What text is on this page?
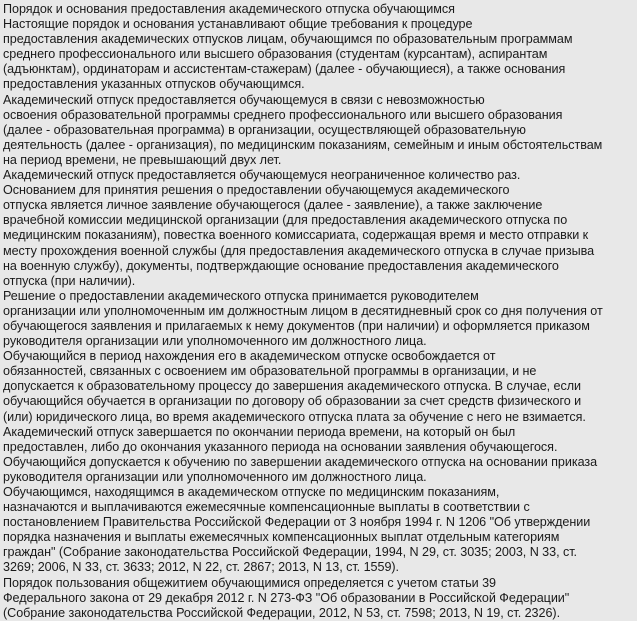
Порядок и основания предоставления академического отпуска обучающимся
Настоящие порядок и основания устанавливают общие требования к процедуре
предоставления академических отпусков лицам, обучающимся по образовательным программам
среднего профессионального или высшего образования (студентам (курсантам), аспирантам
(адъюнктам), ординаторам и ассистентам-стажерам) (далее - обучающиеся), а также основания
предоставления указанных отпусков обучающимся.
Академический отпуск предоставляется обучающемуся в связи с невозможностью
освоения образовательной программы среднего профессионального или высшего образования
(далее - образовательная программа) в организации, осуществляющей образовательную
деятельность (далее - организация), по медицинским показаниям, семейным и иным обстоятельствам
на период времени, не превышающий двух лет.
Академический отпуск предоставляется обучающемуся неограниченное количество раз.
Основанием для принятия решения о предоставлении обучающемуся академического
отпуска является личное заявление обучающегося (далее - заявление), а также заключение
врачебной комиссии медицинской организации (для предоставления академического отпуска по
медицинским показаниям), повестка военного комиссариата, содержащая время и место отправки к
месту прохождения военной службы (для предоставления академического отпуска в случае призыва
на военную службу), документы, подтверждающие основание предоставления академического
отпуска (при наличии).
Решение о предоставлении академического отпуска принимается руководителем
организации или уполномоченным им должностным лицом в десятидневный срок со дня получения от
обучающегося заявления и прилагаемых к нему документов (при наличии) и оформляется приказом
руководителя организации или уполномоченного им должностного лица.
Обучающийся в период нахождения его в академическом отпуске освобождается от
обязанностей, связанных с освоением им образовательной программы в организации, и не
допускается к образовательному процессу до завершения академического отпуска. В случае, если
обучающийся обучается в организации по договору об образовании за счет средств физического и
(или) юридического лица, во время академического отпуска плата за обучение с него не взимается.
Академический отпуск завершается по окончании периода времени, на который он был
предоставлен, либо до окончания указанного периода на основании заявления обучающегося.
Обучающийся допускается к обучению по завершении академического отпуска на основании приказа
руководителя организации или уполномоченного им должностного лица.
Обучающимся, находящимся в академическом отпуске по медицинским показаниям,
назначаются и выплачиваются ежемесячные компенсационные выплаты в соответствии с
постановлением Правительства Российской Федерации от 3 ноября 1994 г. N 1206 "Об утверждении
порядка назначения и выплаты ежемесячных компенсационных выплат отдельным категориям
граждан" (Собрание законодательства Российской Федерации, 1994, N 29, ст. 3035; 2003, N 33, ст.
3269; 2006, N 33, ст. 3633; 2012, N 22, ст. 2867; 2013, N 13, ст. 1559).
Порядок пользования общежитием обучающимися определяется с учетом статьи 39
Федерального закона от 29 декабря 2012 г. N 273-ФЗ "Об образовании в Российской Федерации"
(Собрание законодательства Российской Федерации, 2012, N 53, ст. 7598; 2013, N 19, ст. 2326).
